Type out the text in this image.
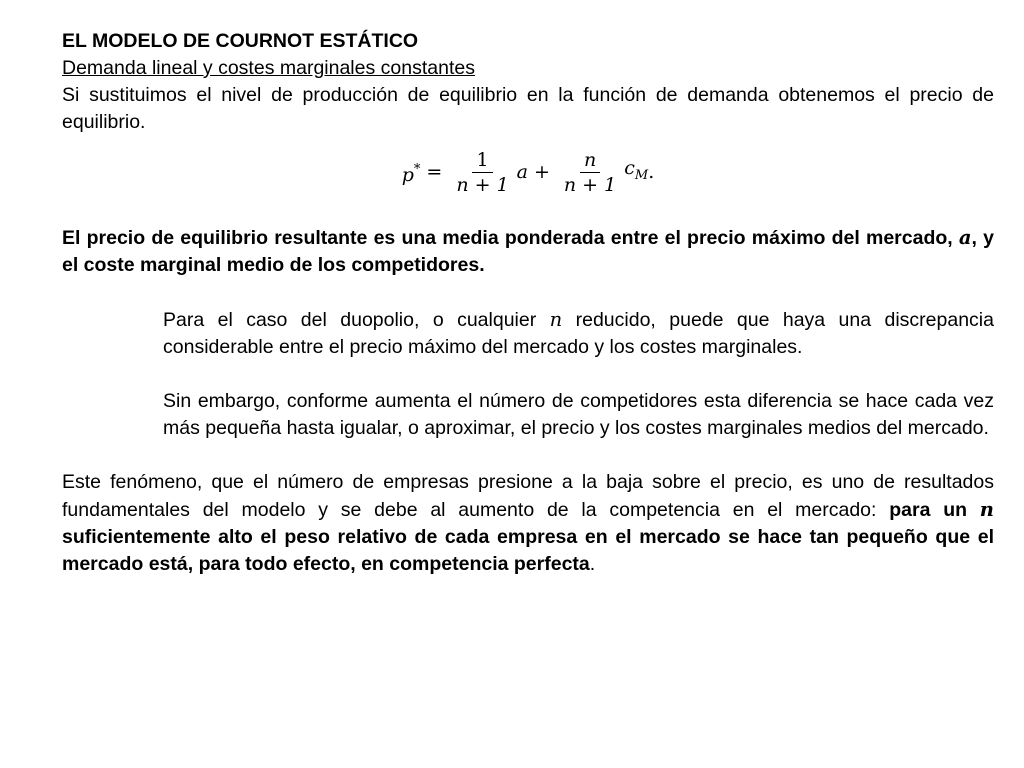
EL MODELO DE COURNOT ESTÁTICO

Demanda lineal y costes marginales constantes

Si sustituimos el nivel de producción de equilibrio en la función de demanda obtenemos el precio de equilibrio.

$p^* = \frac{1}{n + 1}$ $a + \frac{n}{n + 1} c_M$ .

El precio de equilibrio resultante es una media ponderada entre el precio máximo del mercado, a, y el coste marginal medio de los competidores.

Para el caso del duopolio, o cualquier n reducido, puede que haya una discrepancia considerable entre el precio máximo del mercado y los costes marginales.

Sin embargo, conforme aumenta el número de competidores esta diferencia se hace cada vez más pequeña hasta igualar, o aproximar, el precio y los costes marginales medios del mercado.

Este fenómeno, que el número de empresas presione a la baja sobre el precio, es uno de resultados fundamentales del modelo y se debe al aumento de la competencia en el mercado: para un n suficientemente alto el peso relativo de cada empresa en el mercado se hace tan pequeño que el mercado está, para todo efecto, en competencia perfecta.
